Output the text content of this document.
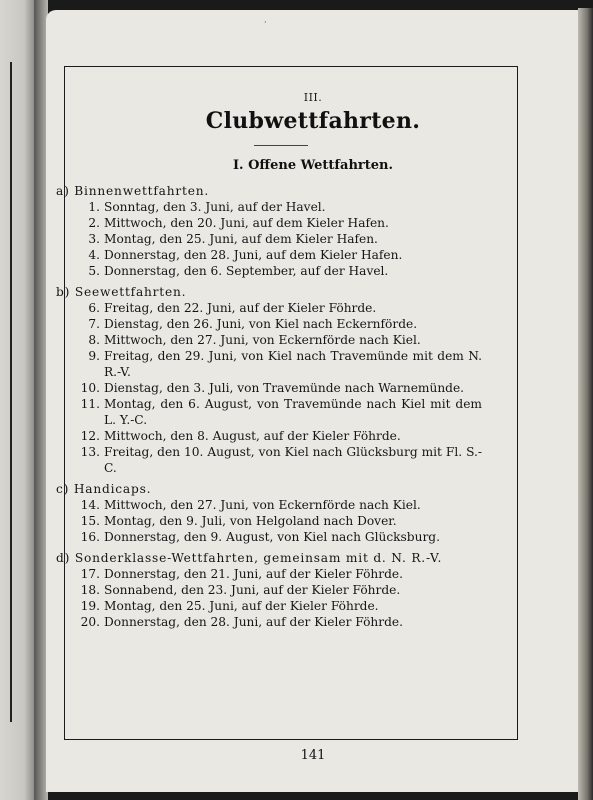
·
III.
Clubwettfahrten.
I. Offene Wettfahrten.
a) Binnenwettfahrten.
1. Sonntag, den 3. Juni, auf der Havel.
2. Mittwoch, den 20. Juni, auf dem Kieler Hafen.
3. Montag, den 25. Juni, auf dem Kieler Hafen.
4. Donnerstag, den 28. Juni, auf dem Kieler Hafen.
5. Donnerstag, den 6. September, auf der Havel.
b) Seewettfahrten.
6. Freitag, den 22. Juni, auf der Kieler Föhrde.
7. Dienstag, den 26. Juni, von Kiel nach Eckernförde.
8. Mittwoch, den 27. Juni, von Eckernförde nach Kiel.
9. Freitag, den 29. Juni, von Kiel nach Travemünde mit dem N. R.-V.
10. Dienstag, den 3. Juli, von Travemünde nach Warnemünde.
11. Montag, den 6. August, von Travemünde nach Kiel mit dem L. Y.-C.
12. Mittwoch, den 8. August, auf der Kieler Föhrde.
13. Freitag, den 10. August, von Kiel nach Glücksburg mit Fl. S.-C.
c) Handicaps.
14. Mittwoch, den 27. Juni, von Eckernförde nach Kiel.
15. Montag, den 9. Juli, von Helgoland nach Dover.
16. Donnerstag, den 9. August, von Kiel nach Glücksburg.
d) Sonderklasse-Wettfahrten, gemeinsam mit d. N. R.-V.
17. Donnerstag, den 21. Juni, auf der Kieler Föhrde.
18. Sonnabend, den 23. Juni, auf der Kieler Föhrde.
19. Montag, den 25. Juni, auf der Kieler Föhrde.
20. Donnerstag, den 28. Juni, auf der Kieler Föhrde.
141
